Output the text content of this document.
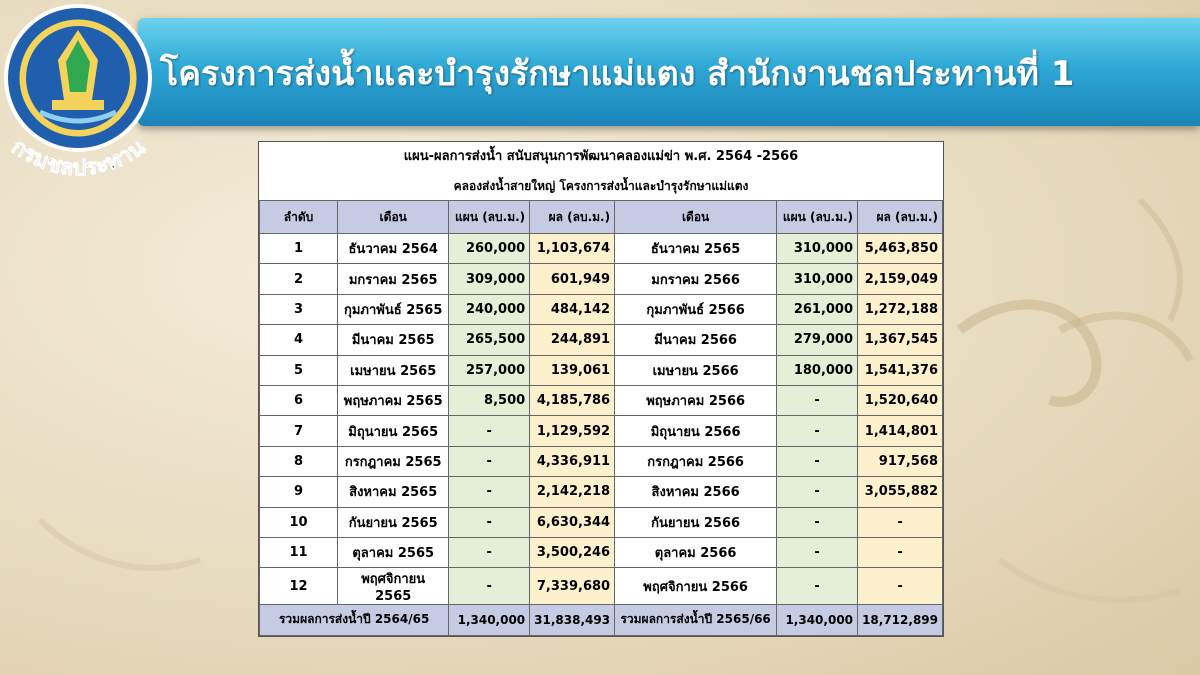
โครงการส่งน้ำและบำรุงรักษาแม่แตง สำนักงานชลประทานที่ 1
กรมชลประทาน	แผน-ผลการส่งน้ำ สนับสนุนการพัฒนาคลองแม่ข่า พ.ศ. 2564 -2566
คลองส่งน้ำสายใหญ่ โครงการส่งน้ำและบำรุงรักษาแม่แตง
ลำดับ	เดือน	แผน (ลบ.ม.)	ผล (ลบ.ม.)	เดือน	แผน (ลบ.ม.)	ผล (ลบ.ม.)
1	ธันวาคม 2564	260,000	1,103,674	ธันวาคม 2565	310,000	5,463,850
2	มกราคม 2565	309,000	601,949	มกราคม 2566	310,000	2,159,049
3	กุมภาพันธ์ 2565	240,000	484,142	กุมภาพันธ์ 2566	261,000	1,272,188
4	มีนาคม 2565	265,500	244,891	มีนาคม 2566	279,000	1,367,545
5	เมษายน 2565	257,000	139,061	เมษายน 2566	180,000	1,541,376
6	พฤษภาคม 2565	8,500	4,185,786	พฤษภาคม 2566	-	1,520,640
7	มิถุนายน 2565	-	1,129,592	มิถุนายน 2566	-	1,414,801
8	กรกฎาคม 2565	-	4,336,911	กรกฎาคม 2566	-	917,568
9	สิงหาคม 2565	-	2,142,218	สิงหาคม 2566	-	3,055,882
10	กันยายน 2565	-	6,630,344	กันยายน 2566	-	-
11	ตุลาคม 2565	-	3,500,246	ตุลาคม 2566	-	-
12	พฤศจิกายน 2565	-	7,339,680	พฤศจิกายน 2566	-	-
รวมผลการส่งน้ำปี 2564/65		1,340,000	31,838,493	รวมผลการส่งน้ำปี 2565/66	1,340,000	18,712,899
